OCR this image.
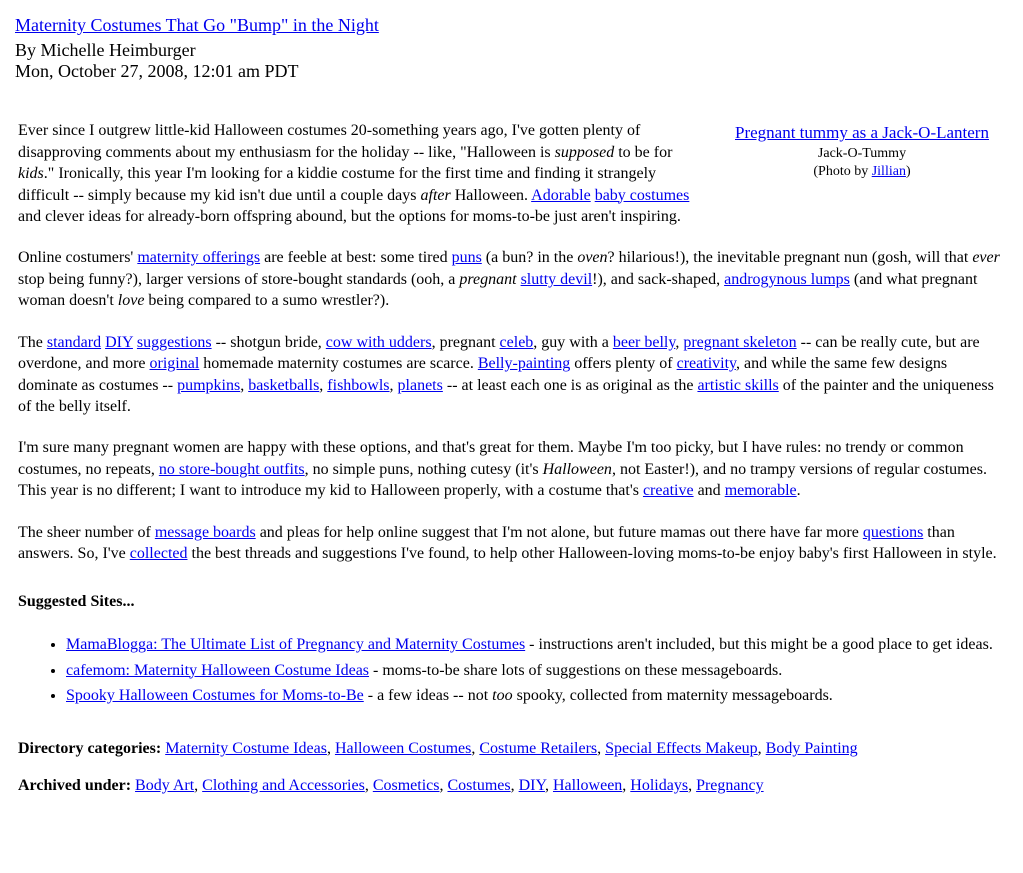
Maternity Costumes That Go "Bump" in the Night
By Michelle Heimburger
Mon, October 27, 2008, 12:01 am PDT
Pregnant tummy as a Jack-O-Lantern
Jack-O-Tummy
(Photo by Jillian)

Ever since I outgrew little-kid Halloween costumes 20-something years ago, I've gotten plenty of disapproving comments about my enthusiasm for the holiday -- like, "Halloween is supposed to be for kids." Ironically, this year I'm looking for a kiddie costume for the first time and finding it strangely difficult -- simply because my kid isn't due until a couple days after Halloween. Adorable baby costumes and clever ideas for already-born offspring abound, but the options for moms-to-be just aren't inspiring.

Online costumers' maternity offerings are feeble at best: some tired puns (a bun? in the oven? hilarious!), the inevitable pregnant nun (gosh, will that ever stop being funny?), larger versions of store-bought standards (ooh, a pregnant slutty devil!), and sack-shaped, androgynous lumps (and what pregnant woman doesn't love being compared to a sumo wrestler?).

The standard DIY suggestions -- shotgun bride, cow with udders, pregnant celeb, guy with a beer belly, pregnant skeleton -- can be really cute, but are overdone, and more original homemade maternity costumes are scarce. Belly-painting offers plenty of creativity, and while the same few designs dominate as costumes -- pumpkins, basketballs, fishbowls, planets -- at least each one is as original as the artistic skills of the painter and the uniqueness of the belly itself.

I'm sure many pregnant women are happy with these options, and that's great for them. Maybe I'm too picky, but I have rules: no trendy or common costumes, no repeats, no store-bought outfits, no simple puns, nothing cutesy (it's Halloween, not Easter!), and no trampy versions of regular costumes. This year is no different; I want to introduce my kid to Halloween properly, with a costume that's creative and memorable.

The sheer number of message boards and pleas for help online suggest that I'm not alone, but future mamas out there have far more questions than answers. So, I've collected the best threads and suggestions I've found, to help other Halloween-loving moms-to-be enjoy baby's first Halloween in style.

Suggested Sites...

• MamaBlogga: The Ultimate List of Pregnancy and Maternity Costumes - instructions aren't included, but this might be a good place to get ideas.
• cafemom: Maternity Halloween Costume Ideas - moms-to-be share lots of suggestions on these messageboards.
• Spooky Halloween Costumes for Moms-to-Be - a few ideas -- not too spooky, collected from maternity messageboards.

Directory categories: Maternity Costume Ideas, Halloween Costumes, Costume Retailers, Special Effects Makeup, Body Painting

Archived under: Body Art, Clothing and Accessories, Cosmetics, Costumes, DIY, Halloween, Holidays, Pregnancy
